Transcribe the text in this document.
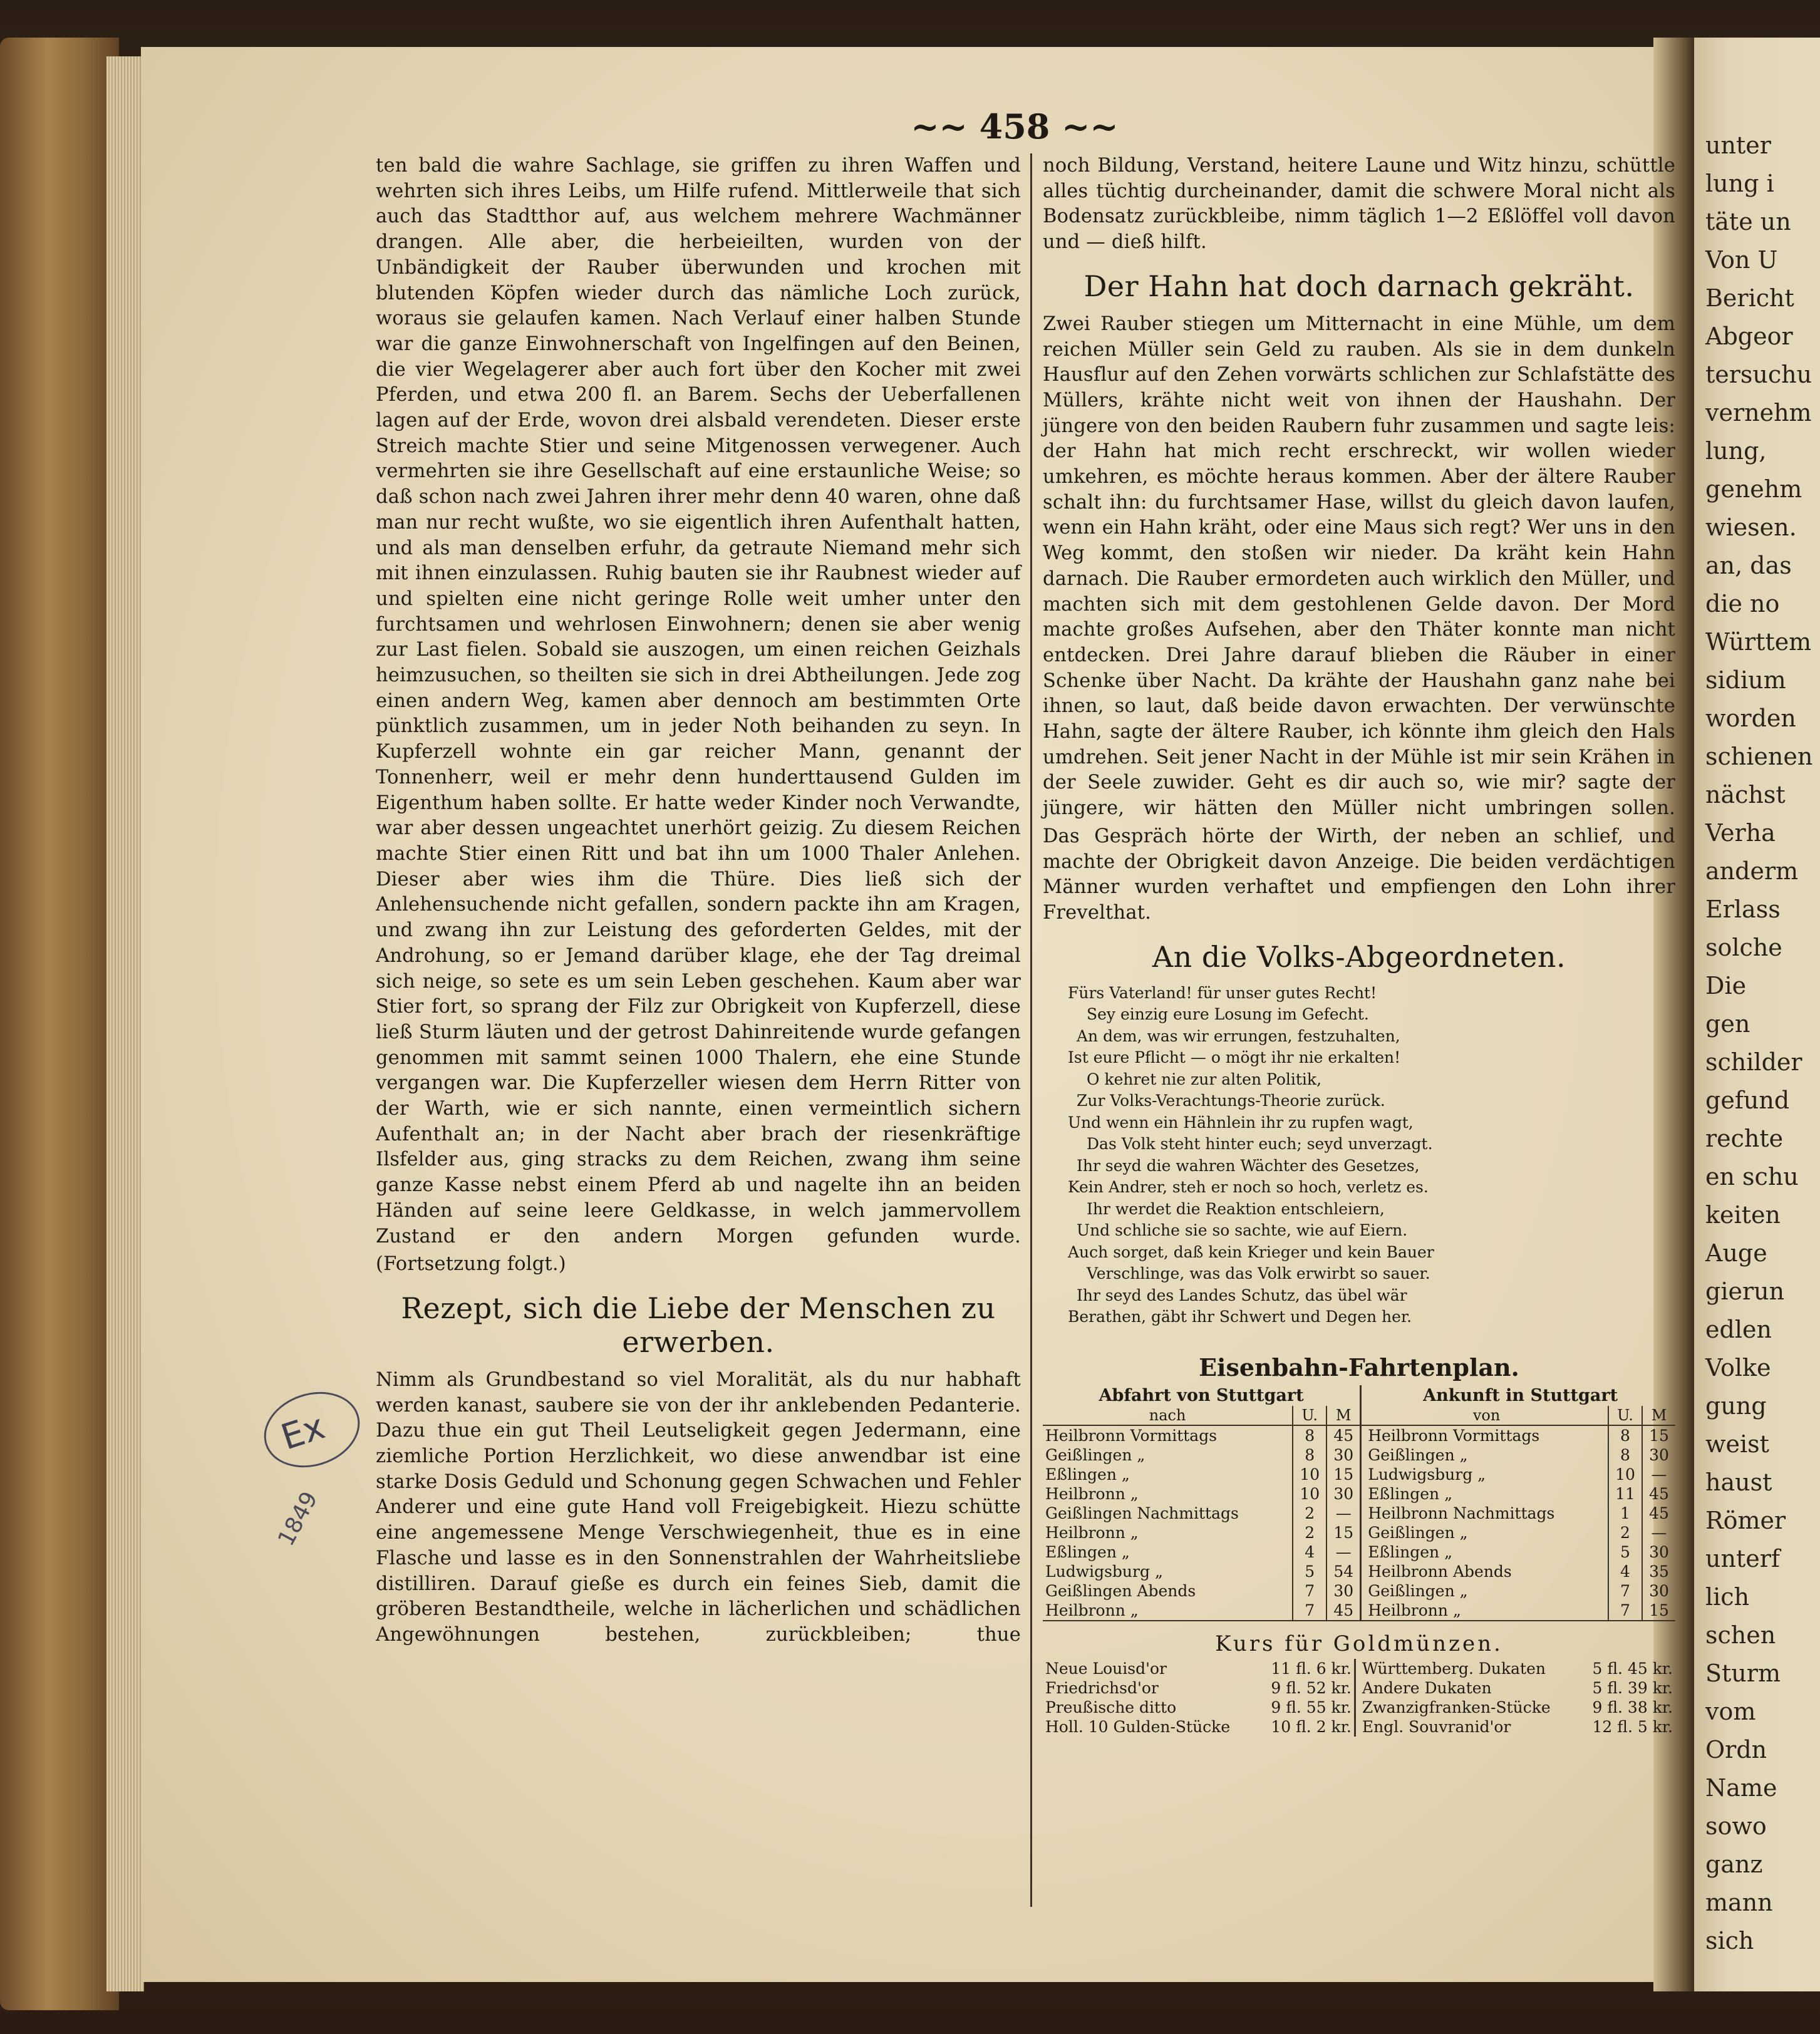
unter
lung i
täte un
Von U
Bericht
Abgeor
tersuchu
vernehm
lung,
genehm
wiesen.
an, das
die no
Württem
sidium
worden
schienen
nächst
Verha
anderm
Erlass
solche
Die
gen
schilder
gefund
rechte
en schu
keiten
Auge
gierun
edlen
Volke
gung
weist
haust
Römer
unterf
lich
schen
Sturm
vom
Ordn
Name
sowo
ganz
mann
sich
~~ 458 ~~

ten bald die wahre Sachlage, sie griffen zu ihren Waffen und wehrten sich ihres Leibs, um Hilfe rufend. Mittlerweile that sich auch das Stadtthor auf, aus welchem mehrere Wachmänner drangen. Alle aber, die herbeieilten, wurden von der Unbändigkeit der Rauber überwunden und krochen mit blutenden Köpfen wieder durch das nämliche Loch zurück, woraus sie gelaufen kamen. Nach Verlauf einer halben Stunde war die ganze Einwohnerschaft von Ingelfingen auf den Beinen, die vier Wegelagerer aber auch fort über den Kocher mit zwei Pferden, und etwa 200 fl. an Barem. Sechs der Ueberfallenen lagen auf der Erde, wovon drei alsbald verendeten. Dieser erste Streich machte Stier und seine Mitgenossen verwegener. Auch vermehrten sie ihre Gesellschaft auf eine erstaunliche Weise; so daß schon nach zwei Jahren ihrer mehr denn 40 waren, ohne daß man nur recht wußte, wo sie eigentlich ihren Aufenthalt hatten, und als man denselben erfuhr, da getraute Niemand mehr sich mit ihnen einzulassen. Ruhig bauten sie ihr Raubnest wieder auf und spielten eine nicht geringe Rolle weit umher unter den furchtsamen und wehrlosen Einwohnern; denen sie aber wenig zur Last fielen. Sobald sie auszogen, um einen reichen Geizhals heimzusuchen, so theilten sie sich in drei Abtheilungen. Jede zog einen andern Weg, kamen aber dennoch am bestimmten Orte pünktlich zusammen, um in jeder Noth beihanden zu seyn. In Kupferzell wohnte ein gar reicher Mann, genannt der Tonnenherr, weil er mehr denn hunderttausend Gulden im Eigenthum haben sollte. Er hatte weder Kinder noch Verwandte, war aber dessen ungeachtet unerhört geizig. Zu diesem Reichen machte Stier einen Ritt und bat ihn um 1000 Thaler Anlehen. Dieser aber wies ihm die Thüre. Dies ließ sich der Anlehensuchende nicht gefallen, sondern packte ihn am Kragen, und zwang ihn zur Leistung des geforderten Geldes, mit der Androhung, so er Jemand darüber klage, ehe der Tag dreimal sich neige, so sete es um sein Leben geschehen. Kaum aber war Stier fort, so sprang der Filz zur Obrigkeit von Kupferzell, diese ließ Sturm läuten und der getrost Dahinreitende wurde gefangen genommen mit sammt seinen 1000 Thalern, ehe eine Stunde vergangen war. Die Kupferzeller wiesen dem Herrn Ritter von der Warth, wie er sich nannte, einen vermeintlich sichern Aufenthalt an; in der Nacht aber brach der riesenkräftige Ilsfelder aus, ging stracks zu dem Reichen, zwang ihm seine ganze Kasse nebst einem Pferd ab und nagelte ihn an beiden Händen auf seine leere Geldkasse, in welch jammervollem Zustand er den andern Morgen gefunden wurde.

(Fortsetzung folgt.)

Rezept, sich die Liebe der Menschen zu erwerben.

Nimm als Grundbestand so viel Moralität, als du nur habhaft werden kanast, saubere sie von der ihr anklebenden Pedanterie. Dazu thue ein gut Theil Leutseligkeit gegen Jedermann, eine ziemliche Portion Herzlichkeit, wo diese anwendbar ist eine starke Dosis Geduld und Schonung gegen Schwachen und Fehler Anderer und eine gute Hand voll Freigebigkeit. Hiezu schütte eine angemessene Menge Verschwiegenheit, thue es in eine Flasche und lasse es in den Sonnenstrahlen der Wahrheitsliebe distilliren. Darauf gieße es durch ein feines Sieb, damit die gröberen Bestandtheile, welche in lächerlichen und schädlichen Angewöhnungen bestehen, zurückbleiben; thue

noch Bildung, Verstand, heitere Laune und Witz hinzu, schüttle alles tüchtig durcheinander, damit die schwere Moral nicht als Bodensatz zurückbleibe, nimm täglich 1—2 Eßlöffel voll davon und — dieß hilft.

Der Hahn hat doch darnach gekräht.

Zwei Rauber stiegen um Mitternacht in eine Mühle, um dem reichen Müller sein Geld zu rauben. Als sie in dem dunkeln Hausflur auf den Zehen vorwärts schlichen zur Schlafstätte des Müllers, krähte nicht weit von ihnen der Haushahn. Der jüngere von den beiden Raubern fuhr zusammen und sagte leis: der Hahn hat mich recht erschreckt, wir wollen wieder umkehren, es möchte heraus kommen. Aber der ältere Rauber schalt ihn: du furchtsamer Hase, willst du gleich davon laufen, wenn ein Hahn kräht, oder eine Maus sich regt? Wer uns in den Weg kommt, den stoßen wir nieder. Da kräht kein Hahn darnach. Die Rauber ermordeten auch wirklich den Müller, und machten sich mit dem gestohlenen Gelde davon. Der Mord machte großes Aufsehen, aber den Thäter konnte man nicht entdecken. Drei Jahre darauf blieben die Räuber in einer Schenke über Nacht. Da krähte der Haushahn ganz nahe bei ihnen, so laut, daß beide davon erwachten. Der verwünschte Hahn, sagte der ältere Rauber, ich könnte ihm gleich den Hals umdrehen. Seit jener Nacht in der Mühle ist mir sein Krähen in der Seele zuwider. Geht es dir auch so, wie mir? sagte der jüngere, wir hätten den Müller nicht umbringen sollen.

Das Gespräch hörte der Wirth, der neben an schlief, und machte der Obrigkeit davon Anzeige. Die beiden verdächtigen Männer wurden verhaftet und empfiengen den Lohn ihrer Frevelthat.

An die Volks-Abgeordneten.
Fürs Vaterland! für unser gutes Recht!
Sey einzig eure Losung im Gefecht.
An dem, was wir errungen, festzuhalten,
Ist eure Pflicht — o mögt ihr nie erkalten!
O kehret nie zur alten Politik,
Zur Volks-Verachtungs-Theorie zurück.
Und wenn ein Hähnlein ihr zu rupfen wagt,
Das Volk steht hinter euch; seyd unverzagt.
Ihr seyd die wahren Wächter des Gesetzes,
Kein Andrer, steh er noch so hoch, verletz es.
Ihr werdet die Reaktion entschleiern,
Und schliche sie so sachte, wie auf Eiern.
Auch sorget, daß kein Krieger und kein Bauer
Verschlinge, was das Volk erwirbt so sauer.
Ihr seyd des Landes Schutz, das übel wär
Berathen, gäbt ihr Schwert und Degen her.
Eisenbahn-Fahrtenplan.
Abfahrt von Stuttgart			Ankunft in Stuttgart		
nach	U.	M	von	U.	M
Heilbronn Vormittags	8	45	Heilbronn Vormittags	8	15
Geißlingen „	8	30	Geißlingen „	8	30
Eßlingen „	10	15	Ludwigsburg „	10	—
Heilbronn „	10	30	Eßlingen „	11	45
Geißlingen Nachmittags	2	—	Heilbronn Nachmittags	1	45
Heilbronn „	2	15	Geißlingen „	2	—
Eßlingen „	4	—	Eßlingen „	5	30
Ludwigsburg „	5	54	Heilbronn Abends	4	35
Geißlingen Abends	7	30	Geißlingen „	7	30
Heilbronn „	7	45	Heilbronn „	7	15
Kurs für Goldmünzen.
Neue Louisd'or	11 fl. 6 kr.	Württemberg. Dukaten	5 fl. 45 kr.
Friedrichsd'or	9 fl. 52 kr.	Andere Dukaten	5 fl. 39 kr.
Preußische ditto	9 fl. 55 kr.	Zwanzigfranken-Stücke	9 fl. 38 kr.
Holl. 10 Gulden-Stücke	10 fl. 2 kr.	Engl. Souvranid'or	12 fl. 5 kr.
Ex
1849
